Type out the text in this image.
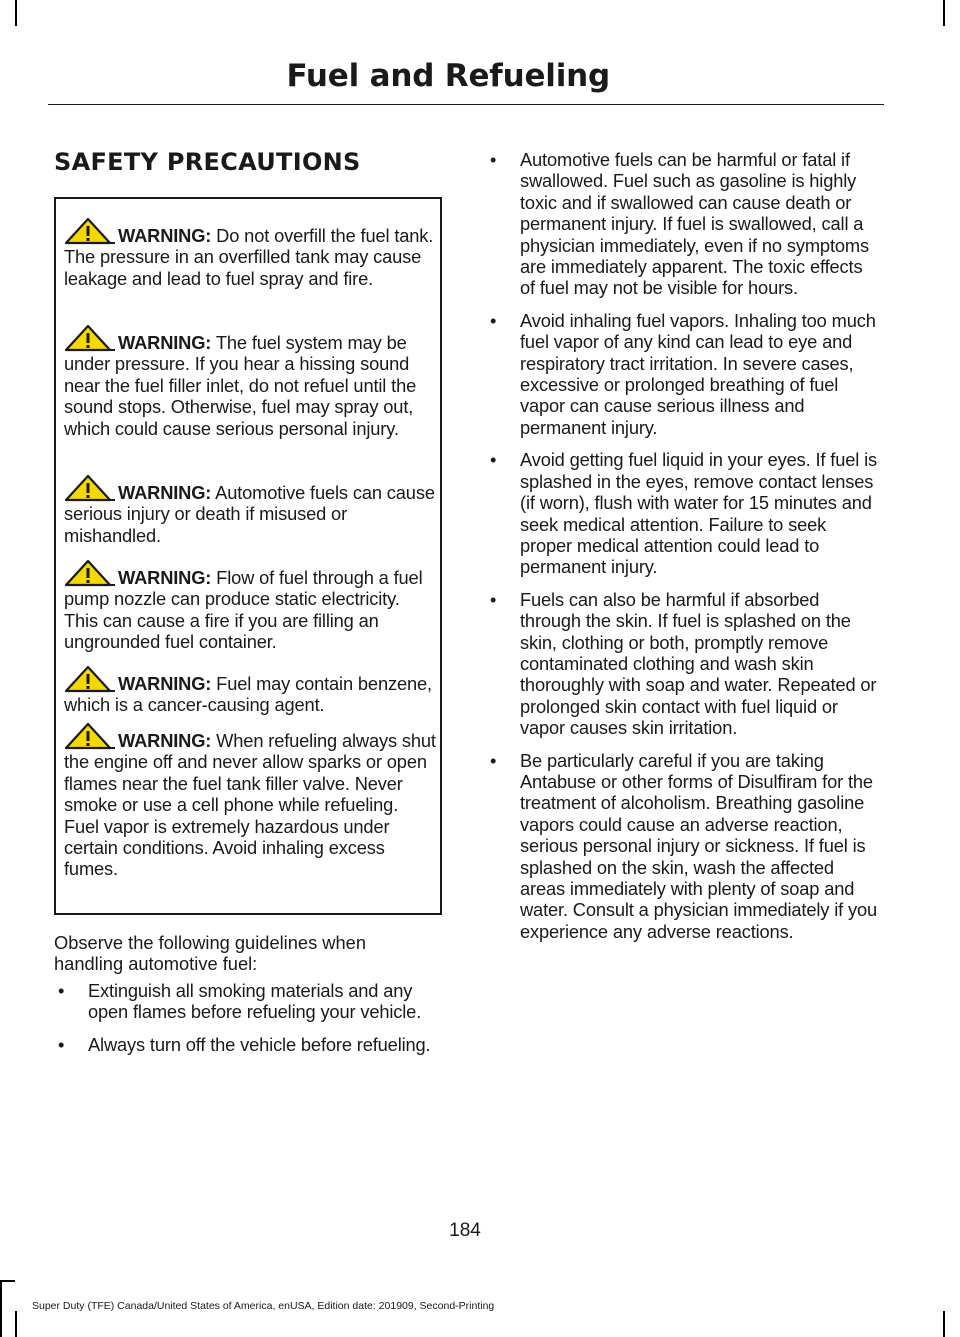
Fuel and Refueling
SAFETY PRECAUTIONS

WARNING: Do not overfill the fuel tank. The pressure in an overfilled tank may cause leakage and lead to fuel spray and fire.

WARNING: The fuel system may be under pressure. If you hear a hissing sound near the fuel filler inlet, do not refuel until the sound stops. Otherwise, fuel may spray out, which could cause serious personal injury.

WARNING: Automotive fuels can cause serious injury or death if misused or mishandled.

WARNING: Flow of fuel through a fuel pump nozzle can produce static electricity. This can cause a fire if you are filling an ungrounded fuel container.

WARNING: Fuel may contain benzene, which is a cancer-causing agent.

WARNING: When refueling always shut the engine off and never allow sparks or open flames near the fuel tank filler valve. Never smoke or use a cell phone while refueling. Fuel vapor is extremely hazardous under certain conditions. Avoid inhaling excess fumes.

Observe the following guidelines when handling automotive fuel:

• Extinguish all smoking materials and any open flames before refueling your vehicle.
• Always turn off the vehicle before refueling.
• Automotive fuels can be harmful or fatal if swallowed. Fuel such as gasoline is highly toxic and if swallowed can cause death or permanent injury. If fuel is swallowed, call a physician immediately, even if no symptoms are immediately apparent. The toxic effects of fuel may not be visible for hours.
• Avoid inhaling fuel vapors. Inhaling too much fuel vapor of any kind can lead to eye and respiratory tract irritation. In severe cases, excessive or prolonged breathing of fuel vapor can cause serious illness and permanent injury.
• Avoid getting fuel liquid in your eyes. If fuel is splashed in the eyes, remove contact lenses (if worn), flush with water for 15 minutes and seek medical attention. Failure to seek proper medical attention could lead to permanent injury.
• Fuels can also be harmful if absorbed through the skin. If fuel is splashed on the skin, clothing or both, promptly remove contaminated clothing and wash skin thoroughly with soap and water. Repeated or prolonged skin contact with fuel liquid or vapor causes skin irritation.
• Be particularly careful if you are taking Antabuse or other forms of Disulfiram for the treatment of alcoholism. Breathing gasoline vapors could cause an adverse reaction, serious personal injury or sickness. If fuel is splashed on the skin, wash the affected areas immediately with plenty of soap and water. Consult a physician immediately if you experience any adverse reactions.
184
Super Duty (TFE) Canada/United States of America, enUSA, Edition date: 201909, Second-Printing
